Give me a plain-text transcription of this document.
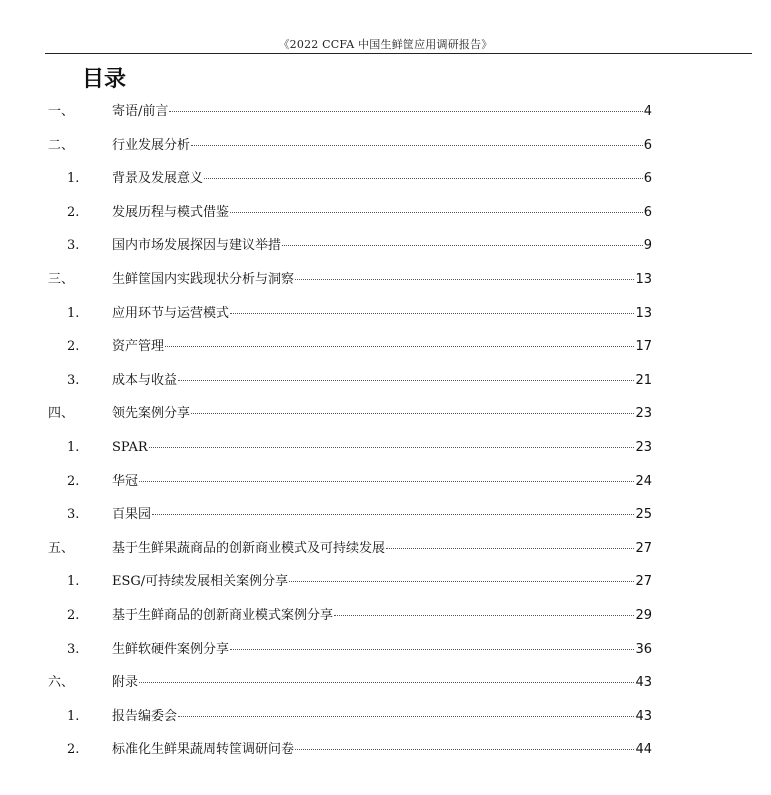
《2022 CCFA 中国生鲜筐应用调研报告》
目录
一、	寄语/前言	4
二、	行业发展分析	6
1.	背景及发展意义	6
2.	发展历程与模式借鉴	6
3.	国内市场发展探因与建议举措	9
三、	生鲜筐国内实践现状分析与洞察	13
1.	应用环节与运营模式	13
2.	资产管理	17
3.	成本与收益	21
四、	领先案例分享	23
1.	SPAR	23
2.	华冠	24
3.	百果园	25
五、	基于生鲜果蔬商品的创新商业模式及可持续发展	27
1.	ESG/可持续发展相关案例分享	27
2.	基于生鲜商品的创新商业模式案例分享	29
3.	生鲜软硬件案例分享	36
六、	附录	43
1.	报告编委会	43
2.	标准化生鲜果蔬周转筐调研问卷	44
